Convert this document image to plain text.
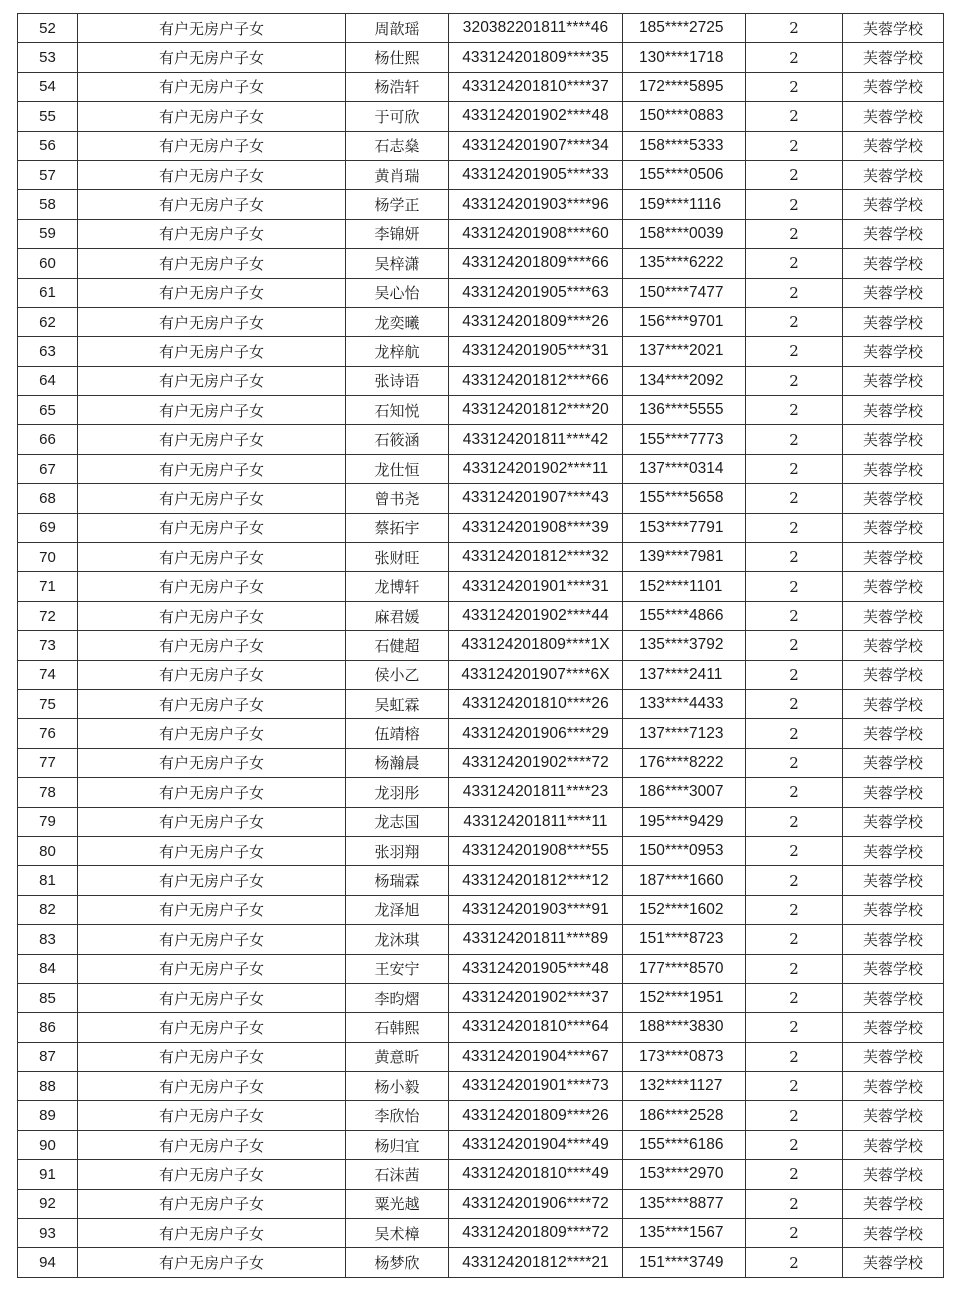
52	有户无房户子女	周歆瑶	320382201811****46	185****2725	2	芙蓉学校
53	有户无房户子女	杨仕熙	433124201809****35	130****1718	2	芙蓉学校
54	有户无房户子女	杨浩轩	433124201810****37	172****5895	2	芙蓉学校
55	有户无房户子女	于可欣	433124201902****48	150****0883	2	芙蓉学校
56	有户无房户子女	石志燊	433124201907****34	158****5333	2	芙蓉学校
57	有户无房户子女	黄肖瑞	433124201905****33	155****0506	2	芙蓉学校
58	有户无房户子女	杨学正	433124201903****96	159****1116	2	芙蓉学校
59	有户无房户子女	李锦妍	433124201908****60	158****0039	2	芙蓉学校
60	有户无房户子女	吴梓潇	433124201809****66	135****6222	2	芙蓉学校
61	有户无房户子女	吴心怡	433124201905****63	150****7477	2	芙蓉学校
62	有户无房户子女	龙奕曦	433124201809****26	156****9701	2	芙蓉学校
63	有户无房户子女	龙梓航	433124201905****31	137****2021	2	芙蓉学校
64	有户无房户子女	张诗语	433124201812****66	134****2092	2	芙蓉学校
65	有户无房户子女	石知悦	433124201812****20	136****5555	2	芙蓉学校
66	有户无房户子女	石筱涵	433124201811****42	155****7773	2	芙蓉学校
67	有户无房户子女	龙仕恒	433124201902****11	137****0314	2	芙蓉学校
68	有户无房户子女	曾书尧	433124201907****43	155****5658	2	芙蓉学校
69	有户无房户子女	蔡拓宇	433124201908****39	153****7791	2	芙蓉学校
70	有户无房户子女	张财旺	433124201812****32	139****7981	2	芙蓉学校
71	有户无房户子女	龙博轩	433124201901****31	152****1101	2	芙蓉学校
72	有户无房户子女	麻君媛	433124201902****44	155****4866	2	芙蓉学校
73	有户无房户子女	石健超	433124201809****1X	135****3792	2	芙蓉学校
74	有户无房户子女	侯小乙	433124201907****6X	137****2411	2	芙蓉学校
75	有户无房户子女	吴虹霖	433124201810****26	133****4433	2	芙蓉学校
76	有户无房户子女	伍靖榕	433124201906****29	137****7123	2	芙蓉学校
77	有户无房户子女	杨瀚晨	433124201902****72	176****8222	2	芙蓉学校
78	有户无房户子女	龙羽彤	433124201811****23	186****3007	2	芙蓉学校
79	有户无房户子女	龙志国	433124201811****11	195****9429	2	芙蓉学校
80	有户无房户子女	张羽翔	433124201908****55	150****0953	2	芙蓉学校
81	有户无房户子女	杨瑞霖	433124201812****12	187****1660	2	芙蓉学校
82	有户无房户子女	龙泽旭	433124201903****91	152****1602	2	芙蓉学校
83	有户无房户子女	龙沐琪	433124201811****89	151****8723	2	芙蓉学校
84	有户无房户子女	王安宁	433124201905****48	177****8570	2	芙蓉学校
85	有户无房户子女	李昀熠	433124201902****37	152****1951	2	芙蓉学校
86	有户无房户子女	石韩熙	433124201810****64	188****3830	2	芙蓉学校
87	有户无房户子女	黄意昕	433124201904****67	173****0873	2	芙蓉学校
88	有户无房户子女	杨小毅	433124201901****73	132****1127	2	芙蓉学校
89	有户无房户子女	李欣怡	433124201809****26	186****2528	2	芙蓉学校
90	有户无房户子女	杨归宜	433124201904****49	155****6186	2	芙蓉学校
91	有户无房户子女	石沫茜	433124201810****49	153****2970	2	芙蓉学校
92	有户无房户子女	粟光越	433124201906****72	135****8877	2	芙蓉学校
93	有户无房户子女	吴术樟	433124201809****72	135****1567	2	芙蓉学校
94	有户无房户子女	杨梦欣	433124201812****21	151****3749	2	芙蓉学校
